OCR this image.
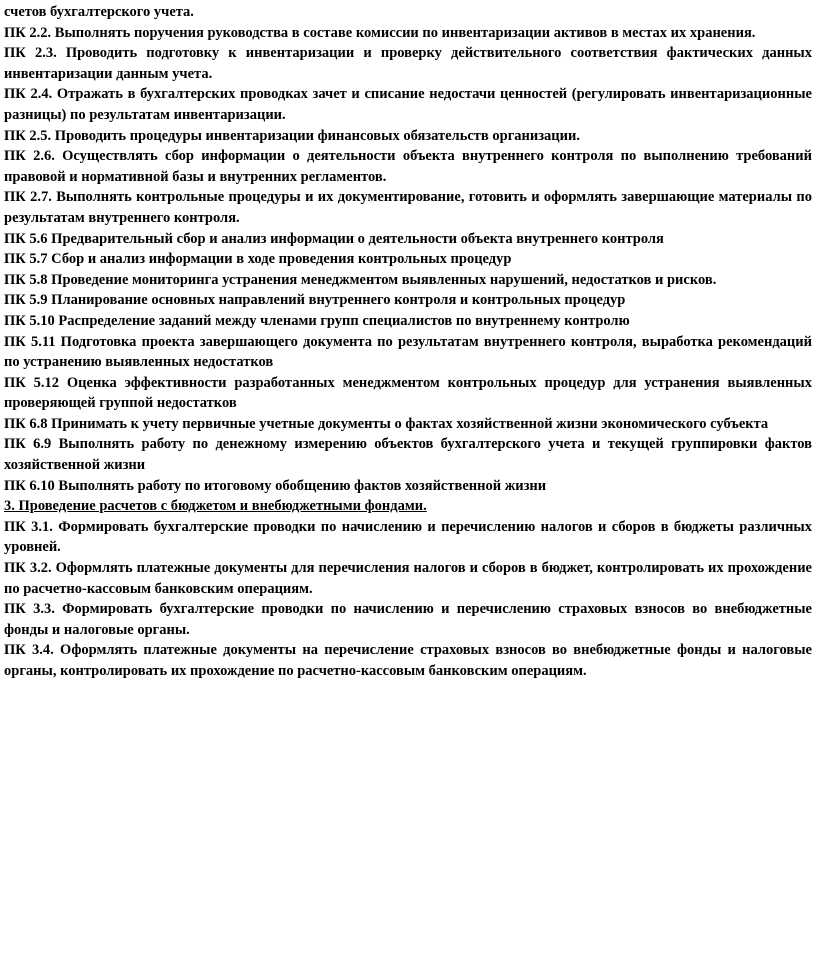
счетов бухгалтерского учета.

ПК 2.2. Выполнять поручения руководства в составе комиссии по инвентаризации активов в местах их хранения.

ПК 2.3. Проводить подготовку к инвентаризации и проверку действительного соответствия фактических данных инвентаризации данным учета.

ПК 2.4. Отражать в бухгалтерских проводках зачет и списание недостачи ценностей (регулировать инвентаризационные разницы) по результатам инвентаризации.

ПК 2.5. Проводить процедуры инвентаризации финансовых обязательств организации.

ПК 2.6. Осуществлять сбор информации о деятельности объекта внутреннего контроля по выполнению требований правовой и нормативной базы и внутренних регламентов.

ПК 2.7. Выполнять контрольные процедуры и их документирование, готовить и оформлять завершающие материалы по результатам внутреннего контроля.

ПК 5.6 Предварительный сбор и анализ информации о деятельности объекта внутреннего контроля

ПК 5.7 Сбор и анализ информации в ходе проведения контрольных процедур

ПК 5.8 Проведение мониторинга устранения менеджментом выявленных нарушений, недостатков и рисков.

ПК 5.9 Планирование основных направлений внутреннего контроля и контрольных процедур

ПК 5.10 Распределение заданий между членами групп специалистов по внутреннему контролю

ПК 5.11 Подготовка проекта завершающего документа по результатам внутреннего контроля, выработка рекомендаций по устранению выявленных недостатков

ПК 5.12 Оценка эффективности разработанных менеджментом контрольных процедур для устранения выявленных проверяющей группой недостатков

ПК 6.8 Принимать к учету первичные учетные документы о фактах хозяйственной жизни экономического субъекта

ПК 6.9 Выполнять работу по денежному измерению объектов бухгалтерского учета и текущей группировки фактов хозяйственной жизни

ПК 6.10 Выполнять работу по итоговому обобщению фактов хозяйственной жизни

3. Проведение расчетов с бюджетом и внебюджетными фондами.

ПК 3.1. Формировать бухгалтерские проводки по начислению и перечислению налогов и сборов в бюджеты различных уровней.

ПК 3.2. Оформлять платежные документы для перечисления налогов и сборов в бюджет, контролировать их прохождение по расчетно-кассовым банковским операциям.

ПК 3.3. Формировать бухгалтерские проводки по начислению и перечислению страховых взносов во внебюджетные фонды и налоговые органы.

ПК 3.4. Оформлять платежные документы на перечисление страховых взносов во внебюджетные фонды и налоговые органы, контролировать их прохождение по расчетно-кассовым банковским операциям.
